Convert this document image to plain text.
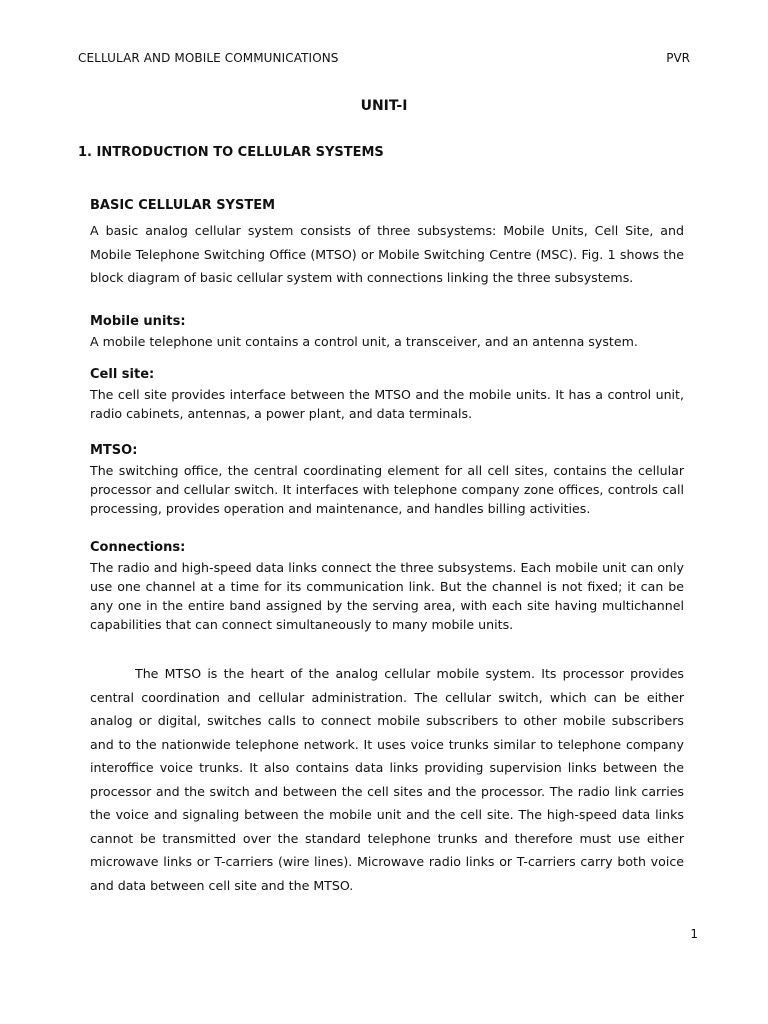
CELLULAR AND MOBILE COMMUNICATIONS	PVR
UNIT-I
1. INTRODUCTION TO CELLULAR SYSTEMS
BASIC CELLULAR SYSTEM

A basic analog cellular system consists of three subsystems: Mobile Units, Cell Site, and Mobile Telephone Switching Office (MTSO) or Mobile Switching Centre (MSC). Fig. 1 shows the block diagram of basic cellular system with connections linking the three subsystems.

Mobile units:

A mobile telephone unit contains a control unit, a transceiver, and an antenna system.

Cell site:

The cell site provides interface between the MTSO and the mobile units. It has a control unit, radio cabinets, antennas, a power plant, and data terminals.

MTSO:

The switching office, the central coordinating element for all cell sites, contains the cellular processor and cellular switch. It interfaces with telephone company zone offices, controls call processing, provides operation and maintenance, and handles billing activities.

Connections:

The radio and high-speed data links connect the three subsystems. Each mobile unit can only use one channel at a time for its communication link. But the channel is not fixed; it can be any one in the entire band assigned by the serving area, with each site having multichannel capabilities that can connect simultaneously to many mobile units.

The MTSO is the heart of the analog cellular mobile system. Its processor provides central coordination and cellular administration. The cellular switch, which can be either analog or digital, switches calls to connect mobile subscribers to other mobile subscribers and to the nationwide telephone network. It uses voice trunks similar to telephone company interoffice voice trunks. It also contains data links providing supervision links between the processor and the switch and between the cell sites and the processor. The radio link carries the voice and signaling between the mobile unit and the cell site. The high-speed data links cannot be transmitted over the standard telephone trunks and therefore must use either microwave links or T-carriers (wire lines). Microwave radio links or T-carriers carry both voice and data between cell site and the MTSO.

1
